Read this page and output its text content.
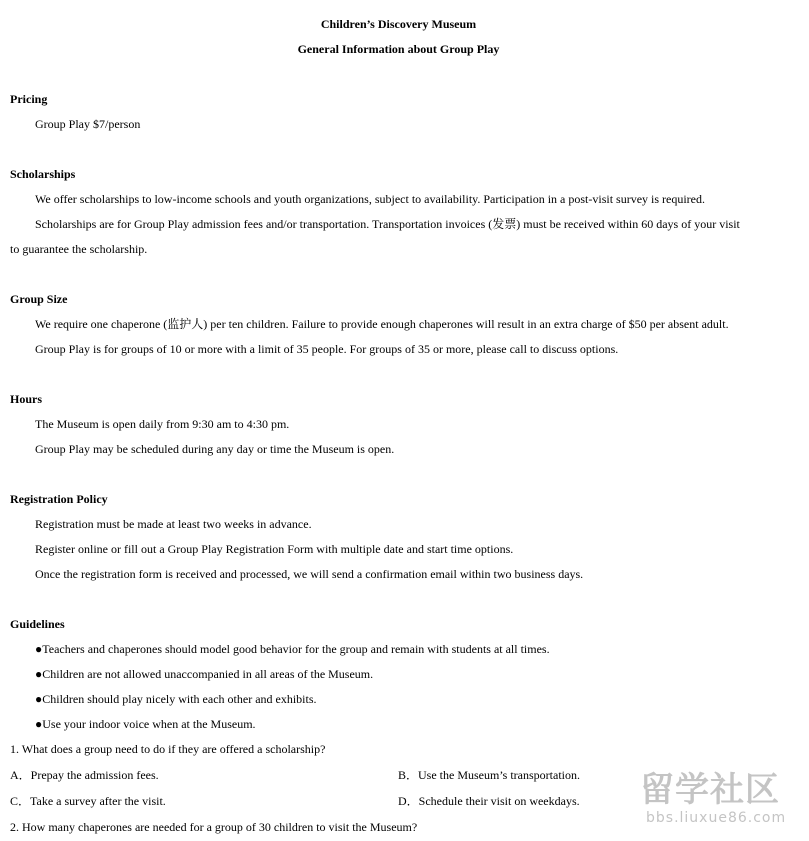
Children’s Discovery Museum
General Information about Group Play
Pricing
Group Play $7/person
Scholarships
We offer scholarships to low-income schools and youth organizations, subject to availability. Participation in a post-visit survey is required.
Scholarships are for Group Play admission fees and/or transportation. Transportation invoices (发票) must be received within 60 days of your visit
to guarantee the scholarship.
Group Size
We require one chaperone (监护人) per ten children. Failure to provide enough chaperones will result in an extra charge of $50 per absent adult.
Group Play is for groups of 10 or more with a limit of 35 people. For groups of 35 or more, please call to discuss options.
Hours
The Museum is open daily from 9:30 am to 4:30 pm.
Group Play may be scheduled during any day or time the Museum is open.
Registration Policy
Registration must be made at least two weeks in advance.
Register online or fill out a Group Play Registration Form with multiple date and start time options.
Once the registration form is received and processed, we will send a confirmation email within two business days.
Guidelines
●Teachers and chaperones should model good behavior for the group and remain with students at all times.
●Children are not allowed unaccompanied in all areas of the Museum.
●Children should play nicely with each other and exhibits.
●Use your indoor voice when at the Museum.
1. What does a group need to do if they are offered a scholarship?
A．Prepay the admission fees.	B．Use the Museum’s transportation.
C．Take a survey after the visit.	D．Schedule their visit on weekdays.
2. How many chaperones are needed for a group of 30 children to visit the Museum?
留学社区
bbs.liuxue86.com
